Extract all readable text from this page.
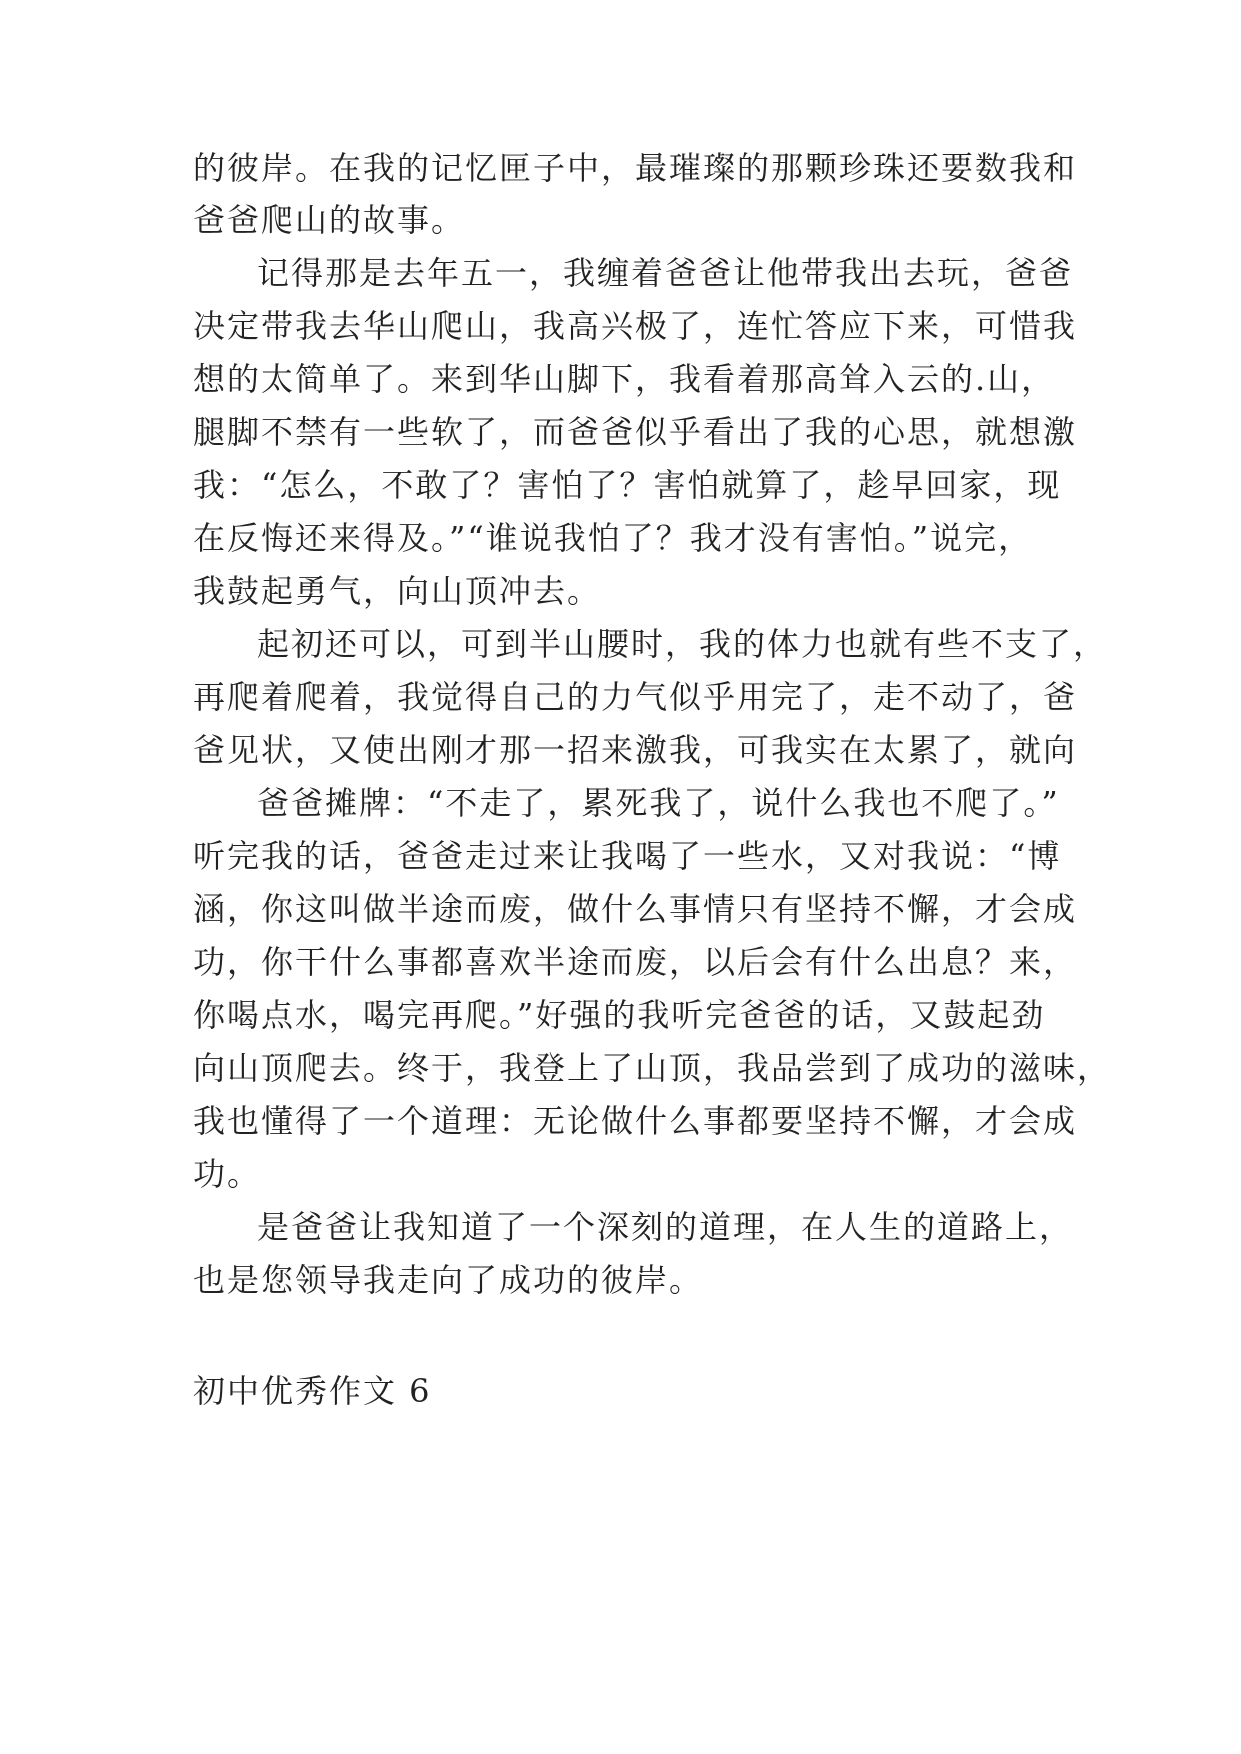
的彼岸。在我的记忆匣子中，最璀璨的那颗珍珠还要数我和
爸爸爬山的故事。
记得那是去年五一，我缠着爸爸让他带我出去玩，爸爸
决定带我去华山爬山，我高兴极了，连忙答应下来，可惜我
想的太简单了。来到华山脚下，我看着那高耸入云的.山，
腿脚不禁有一些软了，而爸爸似乎看出了我的心思，就想激
我：“怎么，不敢了？害怕了？害怕就算了，趁早回家，现
在反悔还来得及。”“谁说我怕了？我才没有害怕。”说完，
我鼓起勇气，向山顶冲去。
起初还可以，可到半山腰时，我的体力也就有些不支了，
再爬着爬着，我觉得自己的力气似乎用完了，走不动了，爸
爸见状，又使出刚才那一招来激我，可我实在太累了，就向
爸爸摊牌：“不走了，累死我了，说什么我也不爬了。”
听完我的话，爸爸走过来让我喝了一些水，又对我说：“博
涵，你这叫做半途而废，做什么事情只有坚持不懈，才会成
功，你干什么事都喜欢半途而废，以后会有什么出息？来，
你喝点水，喝完再爬。”好强的我听完爸爸的话，又鼓起劲
向山顶爬去。终于，我登上了山顶，我品尝到了成功的滋味，
我也懂得了一个道理：无论做什么事都要坚持不懈，才会成
功。
是爸爸让我知道了一个深刻的道理，在人生的道路上，
也是您领导我走向了成功的彼岸。
初中优秀作文 6
